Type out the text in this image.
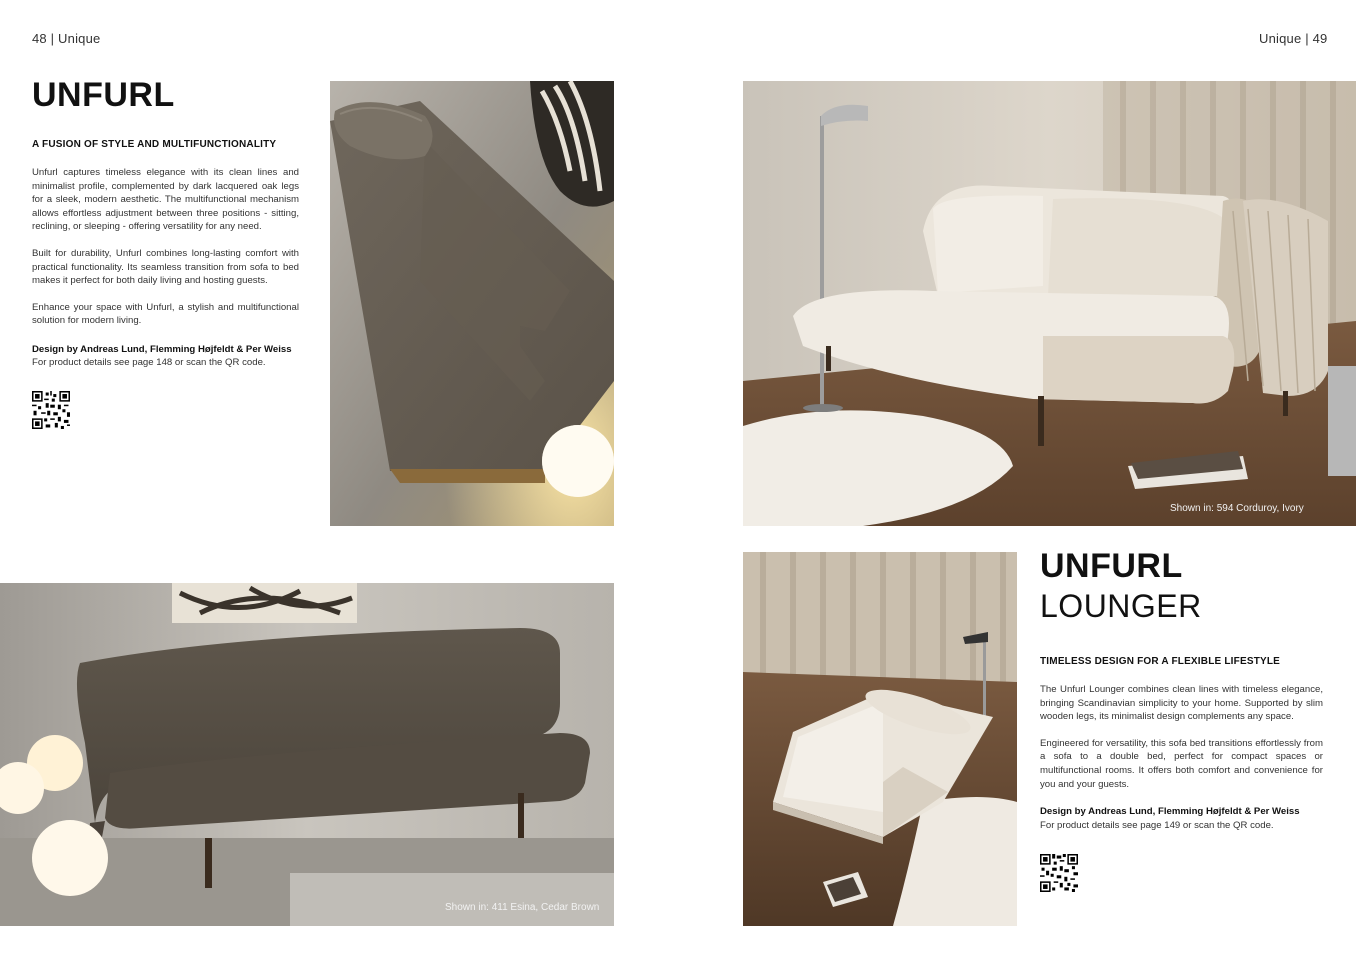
48 | Unique
UNFURL
A FUSION OF STYLE AND MULTIFUNCTIONALITY

Unfurl captures timeless elegance with its clean lines and minimalist profile, complemented by dark lacquered oak legs for a sleek, modern aesthetic. The multifunctional mechanism allows effortless adjustment between three positions - sitting, reclining, or sleeping - offering versatility for any need.

Built for durability, Unfurl combines long-lasting comfort with practical functionality. Its seamless transition from sofa to bed makes it perfect for both daily living and hosting guests.

Enhance your space with Unfurl, a stylish and multifunctional solution for modern living.

Design by Andreas Lund, Flemming Højfeldt & Per Weiss
For product details see page 148 or scan the QR code.
Shown in: 411 Esina, Cedar Brown
Unique | 49
Shown in: 594 Corduroy, Ivory
UNFURL
LOUNGER
TIMELESS DESIGN FOR A FLEXIBLE LIFESTYLE

The Unfurl Lounger combines clean lines with timeless elegance, bringing Scandinavian simplicity to your home. Supported by slim wooden legs, its minimalist design complements any space.

Engineered for versatility, this sofa bed transitions effortlessly from a sofa to a double bed, perfect for compact spaces or multifunctional rooms. It offers both comfort and convenience for you and your guests.

Design by Andreas Lund, Flemming Højfeldt & Per Weiss
For product details see page 149 or scan the QR code.
